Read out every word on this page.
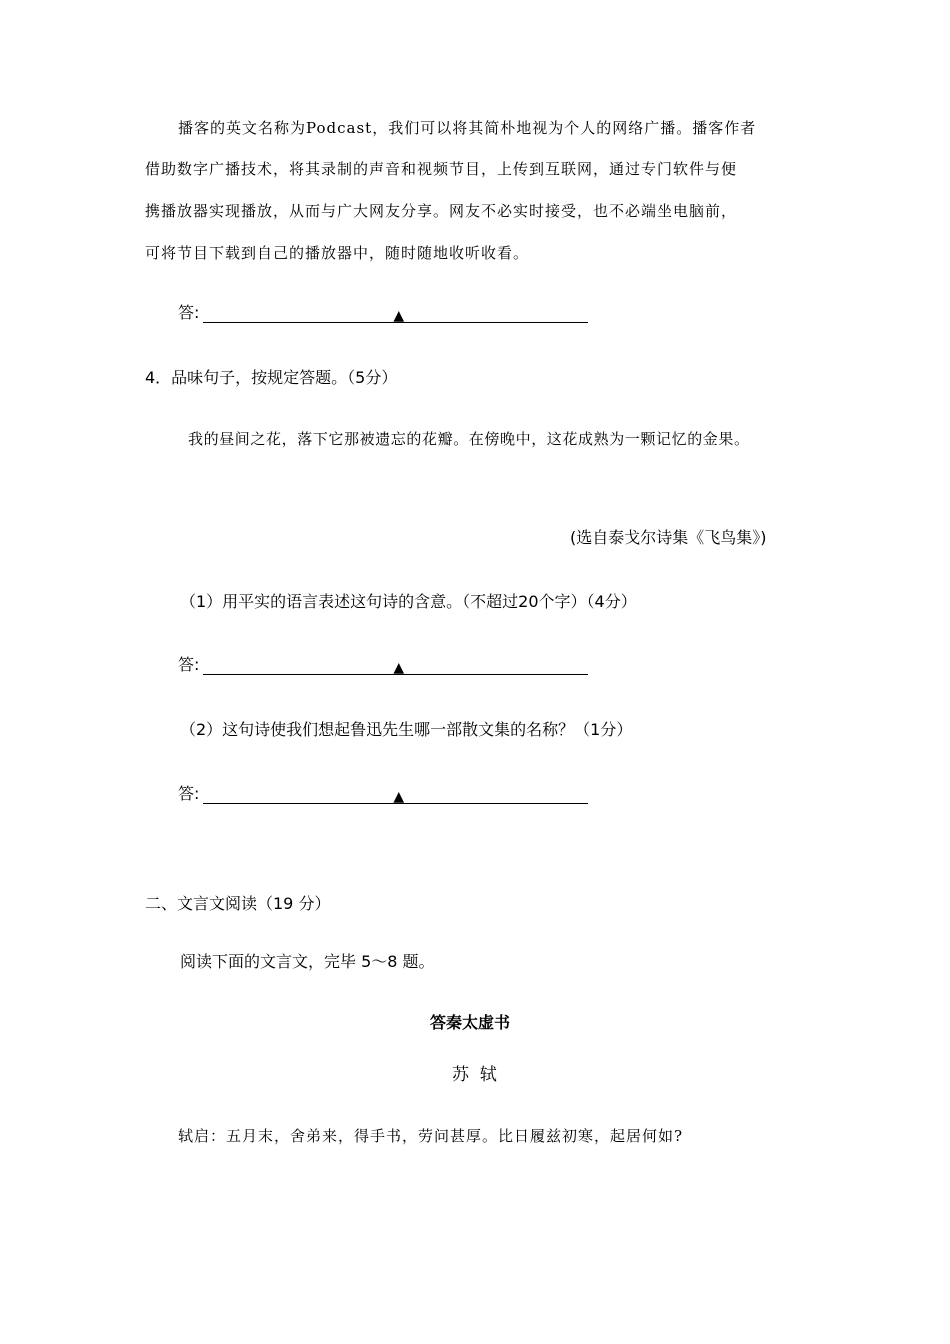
播客的英文名称为Podcast，我们可以将其简朴地视为个人的网络广播。播客作者
借助数字广播技术，将其录制的声音和视频节目，上传到互联网，通过专门软件与便
携播放器实现播放，从而与广大网友分享。网友不必实时接受，也不必端坐电脑前，
可将节目下载到自己的播放器中，随时随地收听收看。
答:	▲
4．品味句子，按规定答题。（5分）
我的昼间之花，落下它那被遗忘的花瓣。在傍晚中，这花成熟为一颗记忆的金果。
(选自泰戈尔诗集《飞鸟集》)
（1）用平实的语言表述这句诗的含意。（不超过20个字）（4分）
答:	▲
（2）这句诗使我们想起鲁迅先生哪一部散文集的名称？（1分）
答:	▲
二、文言文阅读（19 分）
阅读下面的文言文，完毕 5～8 题。
答秦太虚书
苏  轼
轼启：五月末，舍弟来，得手书，劳问甚厚。比日履兹初寒，起居何如?
